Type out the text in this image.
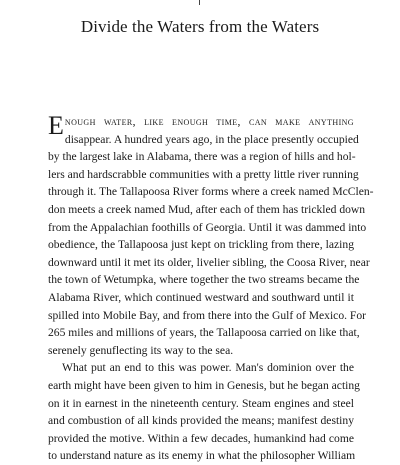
Divide the Waters from the Waters
Enough water, like enough time, can make anything
disappear. A hundred years ago, in the place presently occupied
by the largest lake in Alabama, there was a region of hills and hol-
lers and hardscrabble communities with a pretty little river running
through it. The Tallapoosa River forms where a creek named McClen-
don meets a creek named Mud, after each of them has trickled down
from the Appalachian foothills of Georgia. Until it was dammed into
obedience, the Tallapoosa just kept on trickling from there, lazing
downward until it met its older, livelier sibling, the Coosa River, near
the town of Wetumpka, where together the two streams became the
Alabama River, which continued westward and southward until it
spilled into Mobile Bay, and from there into the Gulf of Mexico. For
265 miles and millions of years, the Tallapoosa carried on like that,
serenely genuflecting its way to the sea.
What put an end to this was power. Man's dominion over the
earth might have been given to him in Genesis, but he began acting
on it in earnest in the nineteenth century. Steam engines and steel
and combustion of all kinds provided the means; manifest destiny
provided the motive. Within a few decades, humankind had come
to understand nature as its enemy in what the philosopher William
